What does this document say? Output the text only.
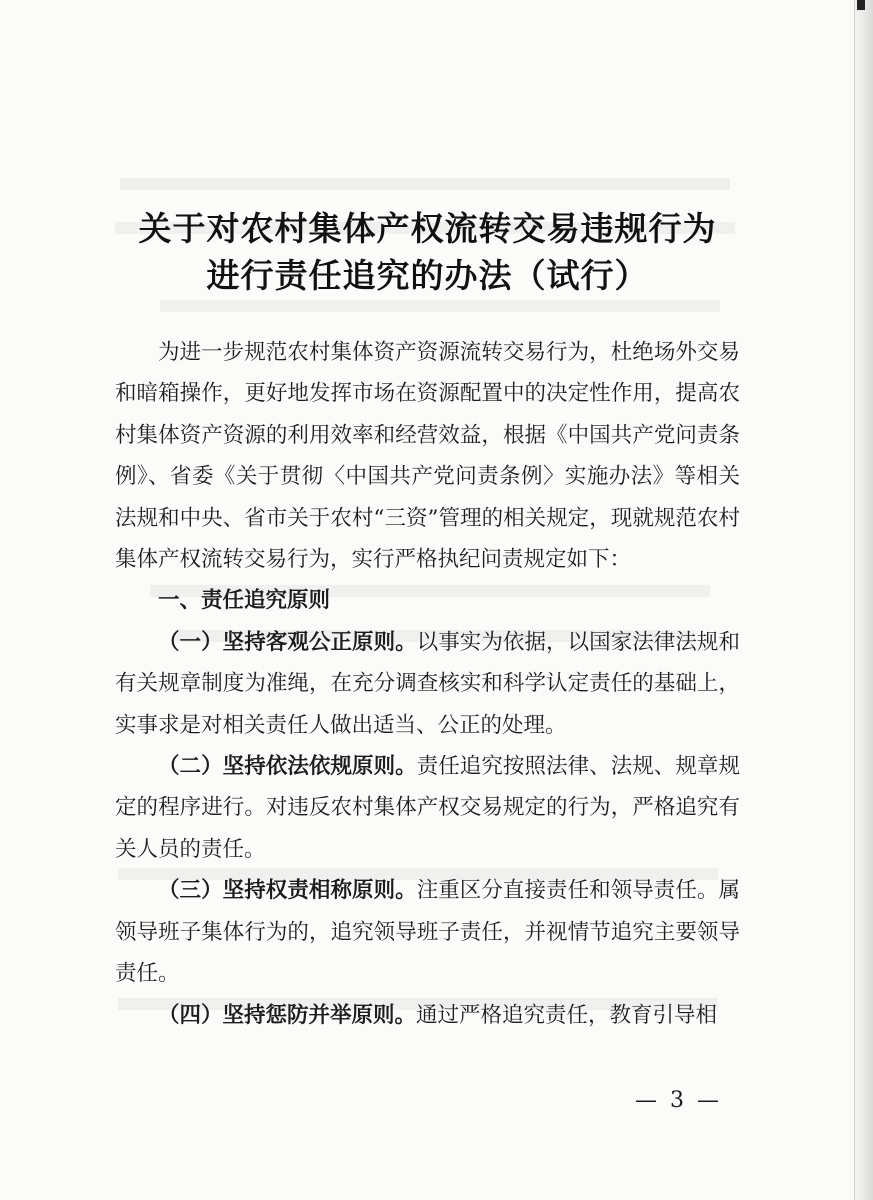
关于对农村集体产权流转交易违规行为
进行责任追究的办法（试行）

为进一步规范农村集体资产资源流转交易行为，杜绝场外交易和暗箱操作，更好地发挥市场在资源配置中的决定性作用，提高农村集体资产资源的利用效率和经营效益，根据《中国共产党问责条例》、省委《关于贯彻〈中国共产党问责条例〉实施办法》等相关法规和中央、省市关于农村“三资”管理的相关规定，现就规范农村集体产权流转交易行为，实行严格执纪问责规定如下：

一、责任追究原则

（一）坚持客观公正原则。以事实为依据，以国家法律法规和有关规章制度为准绳，在充分调查核实和科学认定责任的基础上，实事求是对相关责任人做出适当、公正的处理。

（二）坚持依法依规原则。责任追究按照法律、法规、规章规定的程序进行。对违反农村集体产权交易规定的行为，严格追究有关人员的责任。

（三）坚持权责相称原则。注重区分直接责任和领导责任。属领导班子集体行为的，追究领导班子责任，并视情节追究主要领导责任。

（四）坚持惩防并举原则。通过严格追究责任，教育引导相

— 3 —
